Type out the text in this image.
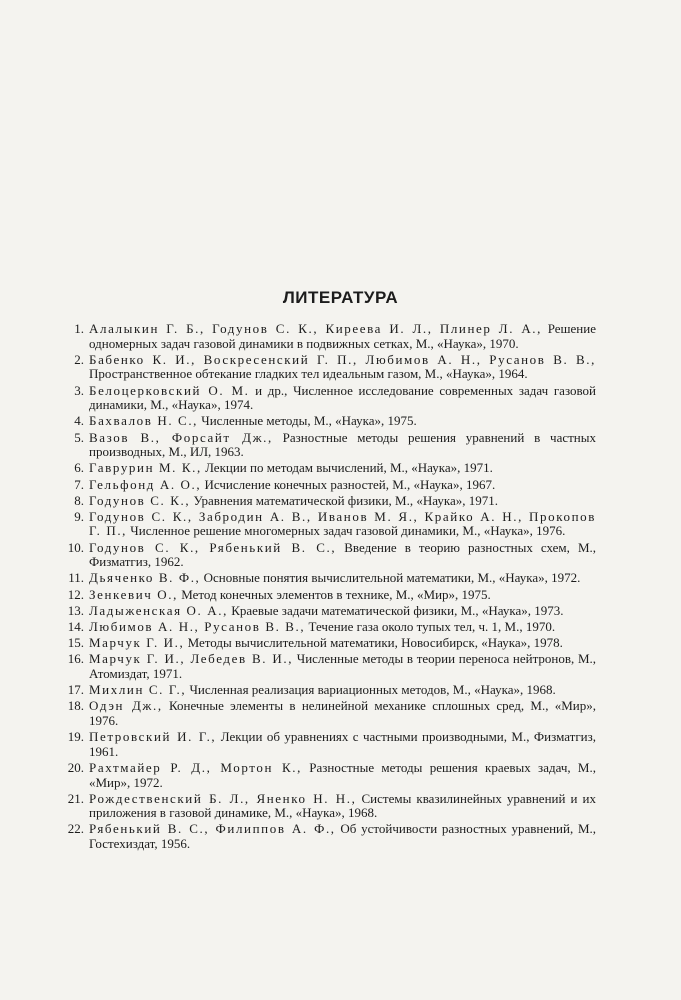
ЛИТЕРАТУРА
1. Алалыкин Г. Б., Годунов С. К., Киреева И. Л., Плинер Л. А., Решение одномерных задач газовой динамики в подвижных сетках, М., «Наука», 1970.
2. Бабенко К. И., Воскресенский Г. П., Любимов А. Н., Русанов В. В., Пространственное обтекание гладких тел идеальным газом, М., «Наука», 1964.
3. Белоцерковский О. М. и др., Численное исследование современных задач газовой динамики, М., «Наука», 1974.
4. Бахвалов Н. С., Численные методы, М., «Наука», 1975.
5. Вазов В., Форсайт Дж., Разностные методы решения уравнений в частных производных, М., ИЛ, 1963.
6. Гаврурин М. К., Лекции по методам вычислений, М., «Наука», 1971.
7. Гельфонд А. О., Исчисление конечных разностей, М., «Наука», 1967.
8. Годунов С. К., Уравнения математической физики, М., «Наука», 1971.
9. Годунов С. К., Забродин А. В., Иванов М. Я., Крайко А. Н., Прокопов Г. П., Численное решение многомерных задач газовой динамики, М., «Наука», 1976.
10. Годунов С. К., Рябенький В. С., Введение в теорию разностных схем, М., Физматгиз, 1962.
11. Дьяченко В. Ф., Основные понятия вычислительной математики, М., «Наука», 1972.
12. Зенкевич О., Метод конечных элементов в технике, М., «Мир», 1975.
13. Ладыженская О. А., Краевые задачи математической физики, М., «Наука», 1973.
14. Любимов А. Н., Русанов В. В., Течение газа около тупых тел, ч. 1, М., 1970.
15. Марчук Г. И., Методы вычислительной математики, Новосибирск, «Наука», 1978.
16. Марчук Г. И., Лебедев В. И., Численные методы в теории переноса нейтронов, М., Атомиздат, 1971.
17. Михлин С. Г., Численная реализация вариационных методов, М., «Наука», 1968.
18. Одэн Дж., Конечные элементы в нелинейной механике сплошных сред, М., «Мир», 1976.
19. Петровский И. Г., Лекции об уравнениях с частными производными, М., Физматгиз, 1961.
20. Рахтмайер Р. Д., Мортон К., Разностные методы решения краевых задач, М., «Мир», 1972.
21. Рождественский Б. Л., Яненко Н. Н., Системы квазилинейных уравнений и их приложения в газовой динамике, М., «Наука», 1968.
22. Рябенький В. С., Филиппов А. Ф., Об устойчивости разностных уравнений, М., Гостехиздат, 1956.
